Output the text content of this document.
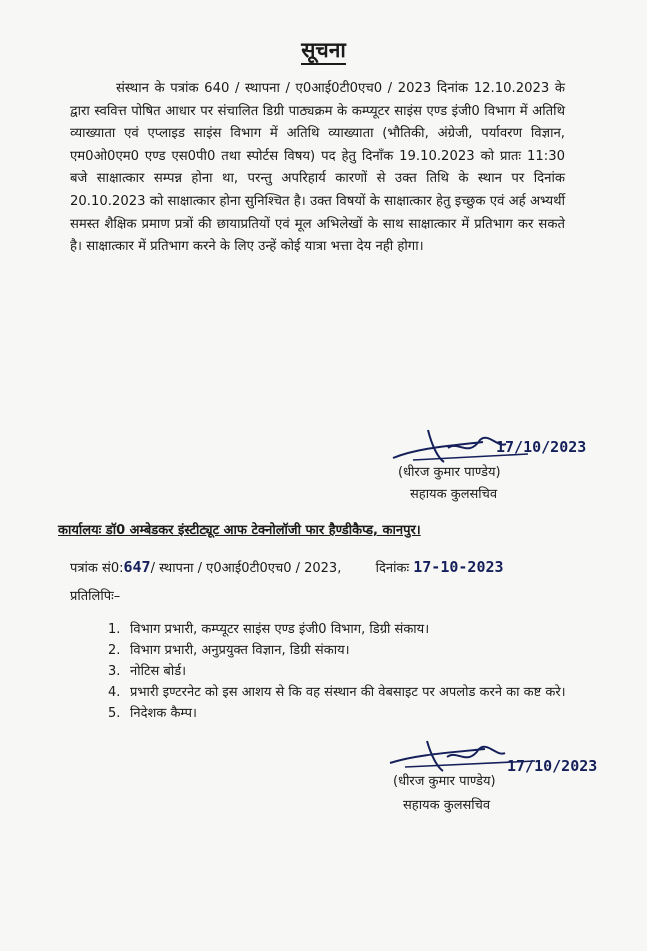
सूचना

संस्थान के पत्रांक 640 / स्थापना / ए0आई0टी0एच0 / 2023 दिनांक 12.10.2023 के द्वारा स्ववित्त पोषित आधार पर संचालित डिग्री पाठ्यक्रम के कम्प्यूटर साइंस एण्ड इंजी0 विभाग में अतिथि व्याख्याता एवं एप्लाइड साइंस विभाग में अतिथि व्याख्याता (भौतिकी, अंग्रेजी, पर्यावरण विज्ञान, एम0ओ0एम0 एण्ड एस0पी0 तथा स्पोर्टस विषय) पद हेतु दिनाँक 19.10.2023 को प्रातः 11:30 बजे साक्षात्कार सम्पन्न होना था, परन्तु अपरिहार्य कारणों से उक्त तिथि के स्थान पर दिनांक 20.10.2023 को साक्षात्कार होना सुनिश्चित है। उक्त विषयों के साक्षात्कार हेतु इच्छुक एवं अर्ह अभ्यर्थी समस्त शैक्षिक प्रमाण प्रत्रों की छायाप्रतियों एवं मूल अभिलेखों के साथ साक्षात्कार में प्रतिभाग कर सकते है। साक्षात्कार में प्रतिभाग करने के लिए उन्हें कोई यात्रा भत्ता देय नही होगा।

17/10/2023
(धीरज कुमार पाण्डेय)
सहायक कुलसचिव
कार्यालयः डॉ0 अम्बेडकर इंस्टीट्यूट आफ टेक्नोलॉजी फार हैण्डीकैप्ड, कानपुर।
पत्रांक सं0:647/ स्थापना / ए0आई0टी0एच0 / 2023,	दिनांकः 17-10-2023
प्रतिलिपिः–
1. विभाग प्रभारी, कम्प्यूटर साइंस एण्ड इंजी0 विभाग, डिग्री संकाय।
2. विभाग प्रभारी, अनुप्रयुक्त विज्ञान, डिग्री संकाय।
3. नोटिस बोर्ड।
4. प्रभारी इण्टरनेट को इस आशय से कि वह संस्थान की वेबसाइट पर अपलोड करने का कष्ट करे।
5. निदेशक कैम्प।
17/10/2023
(धीरज कुमार पाण्डेय)
सहायक कुलसचिव
